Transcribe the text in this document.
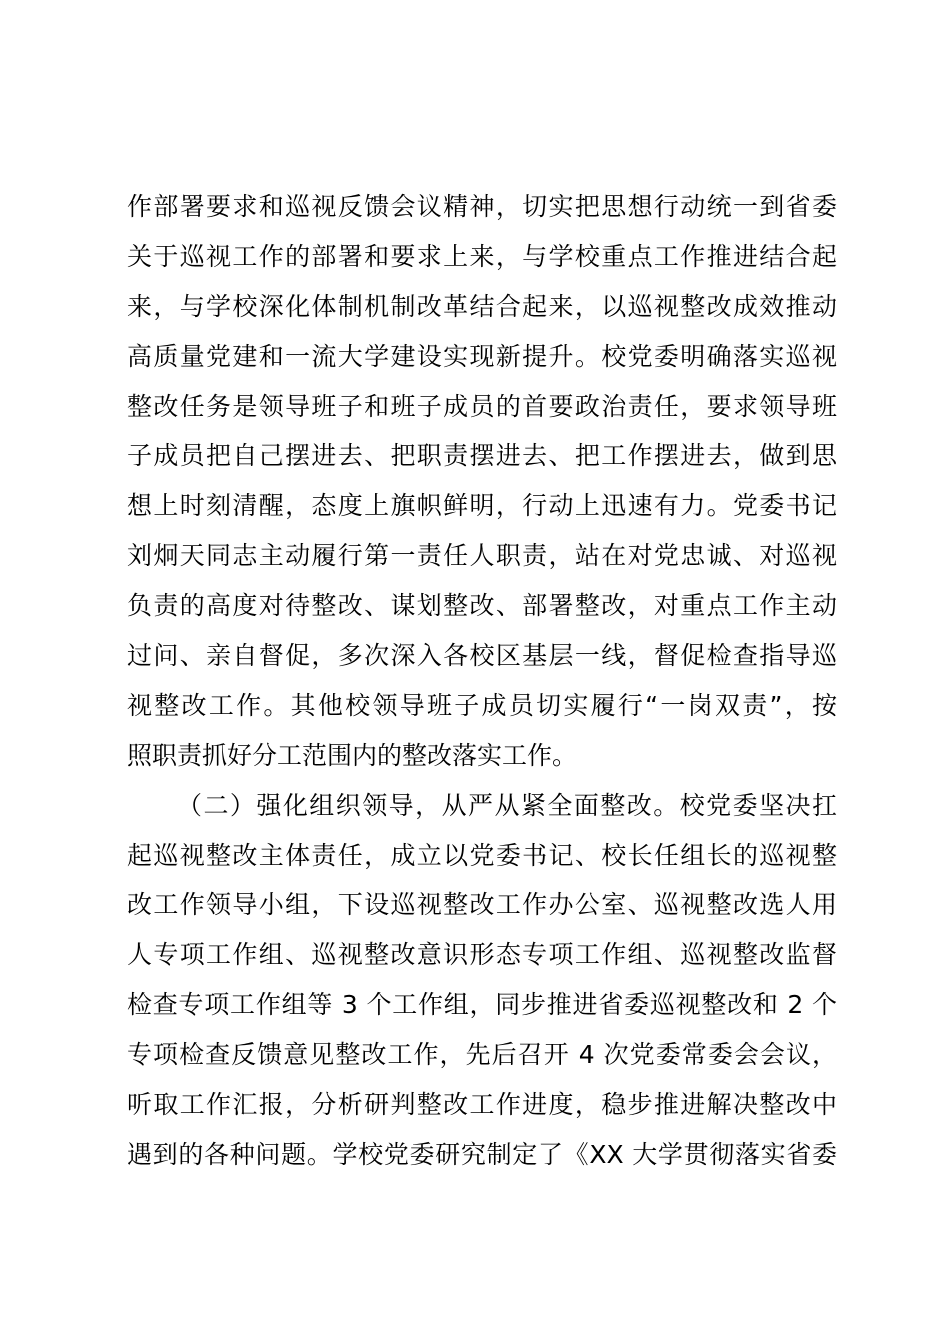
作部署要求和巡视反馈会议精神，切实把思想行动统一到省委
关于巡视工作的部署和要求上来，与学校重点工作推进结合起
来，与学校深化体制机制改革结合起来，以巡视整改成效推动
高质量党建和一流大学建设实现新提升。校党委明确落实巡视
整改任务是领导班子和班子成员的首要政治责任，要求领导班
子成员把自己摆进去、把职责摆进去、把工作摆进去，做到思
想上时刻清醒，态度上旗帜鲜明，行动上迅速有力。党委书记
刘炯天同志主动履行第一责任人职责，站在对党忠诚、对巡视
负责的高度对待整改、谋划整改、部署整改，对重点工作主动
过问、亲自督促，多次深入各校区基层一线，督促检查指导巡
视整改工作。其他校领导班子成员切实履行“一岗双责”，按
照职责抓好分工范围内的整改落实工作。
（二）强化组织领导，从严从紧全面整改。校党委坚决扛
起巡视整改主体责任，成立以党委书记、校长任组长的巡视整
改工作领导小组，下设巡视整改工作办公室、巡视整改选人用
人专项工作组、巡视整改意识形态专项工作组、巡视整改监督
检查专项工作组等 3 个工作组，同步推进省委巡视整改和 2 个
专项检查反馈意见整改工作，先后召开 4 次党委常委会会议，
听取工作汇报，分析研判整改工作进度，稳步推进解决整改中
遇到的各种问题。学校党委研究制定了《XX 大学贯彻落实省委
